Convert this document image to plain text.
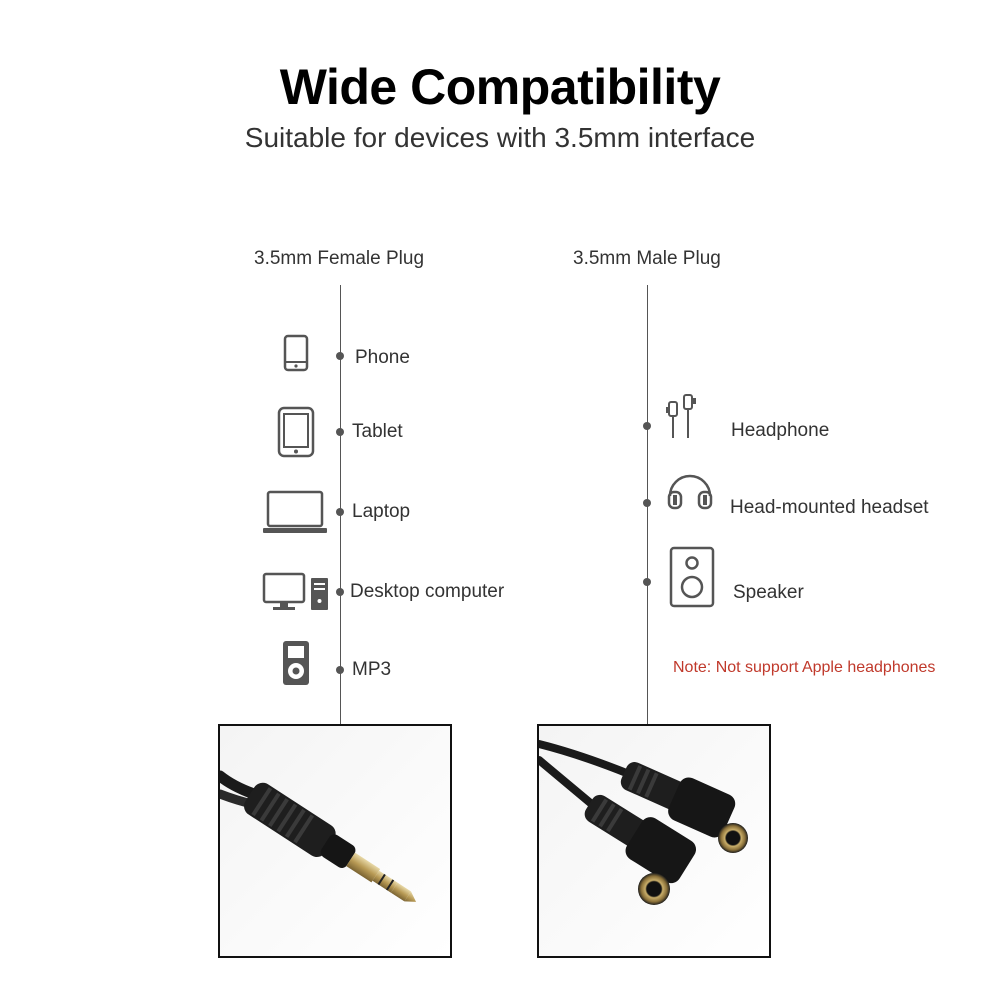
Wide Compatibility
Suitable for devices with 3.5mm interface
3.5mm Female Plug
Phone
Tablet
Laptop
Desktop computer
MP3
3.5mm Male Plug
Headphone
Head-mounted headset
Speaker
Note: Not support Apple headphones
